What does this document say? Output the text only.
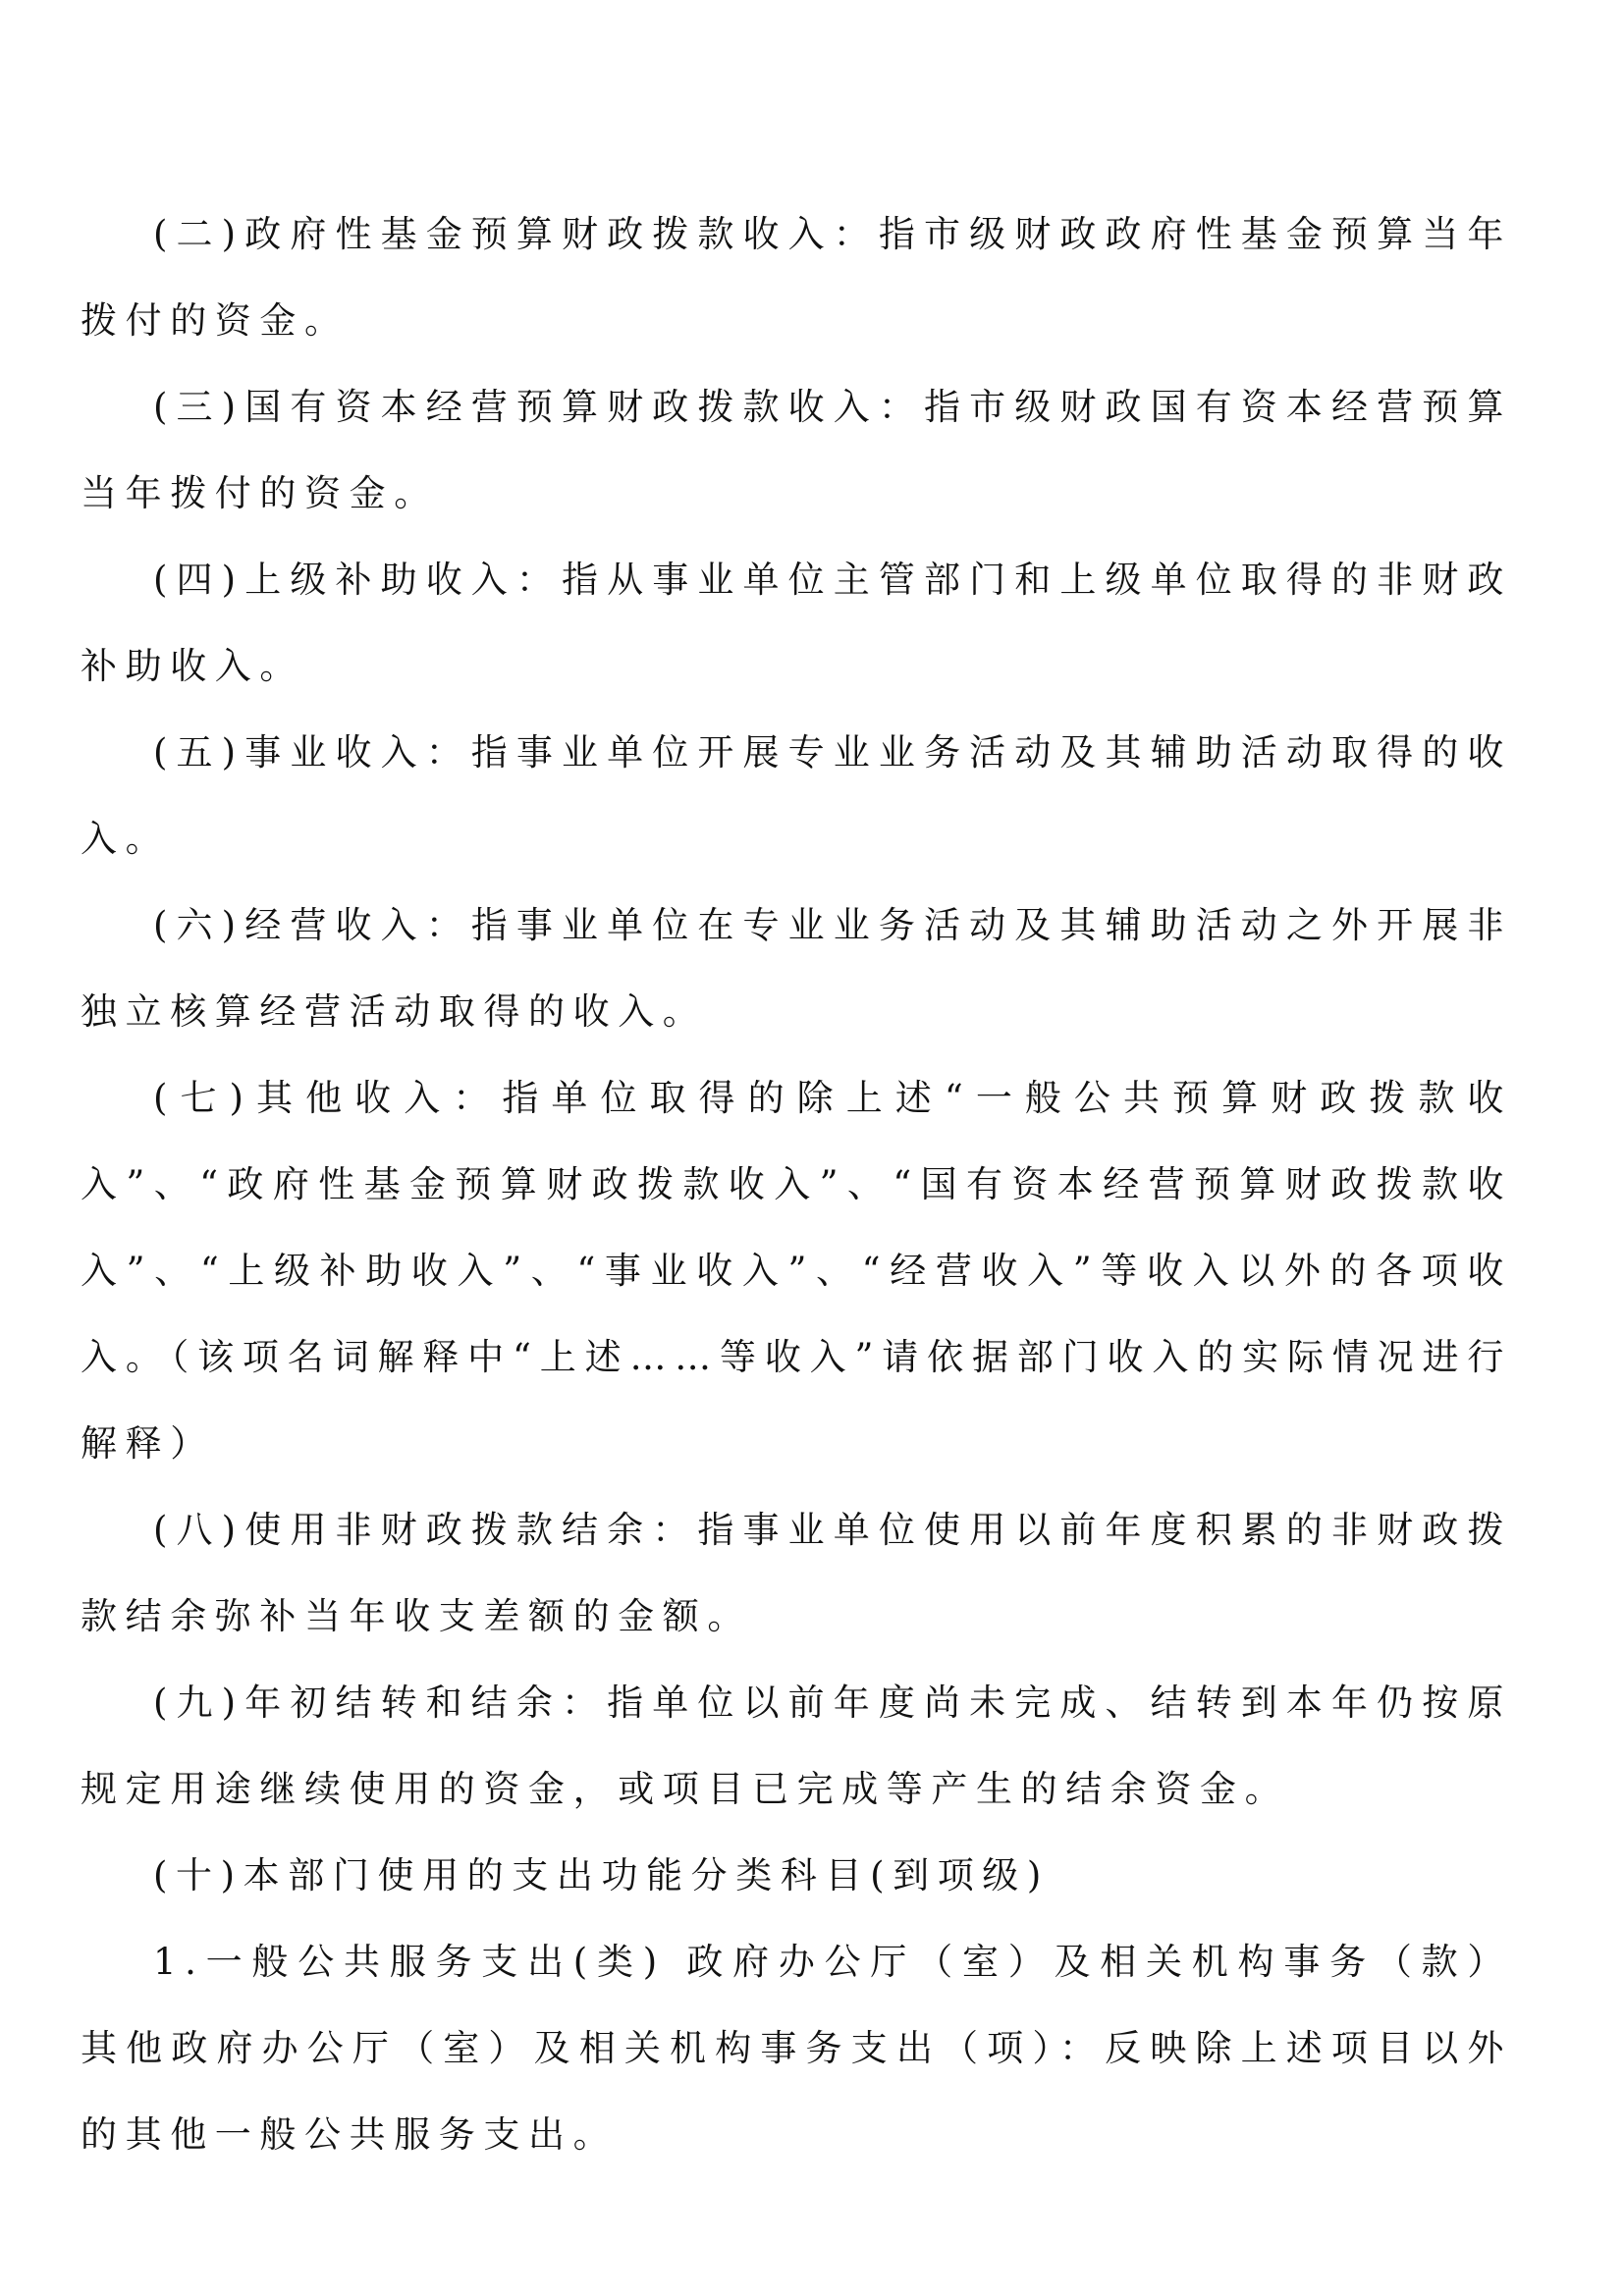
(二)政府性基金预算财政拨款收入：指市级财政政府性基金预算当年拨付的资金。

(三)国有资本经营预算财政拨款收入：指市级财政国有资本经营预算当年拨付的资金。

(四)上级补助收入：指从事业单位主管部门和上级单位取得的非财政补助收入。

(五)事业收入：指事业单位开展专业业务活动及其辅助活动取得的收入。

(六)经营收入：指事业单位在专业业务活动及其辅助活动之外开展非独立核算经营活动取得的收入。

(七)其他收入：指单位取得的除上述“一般公共预算财政拨款收入”、“政府性基金预算财政拨款收入”、“国有资本经营预算财政拨款收入”、“上级补助收入”、“事业收入”、“经营收入”等收入以外的各项收入。（该项名词解释中“上述……等收入”请依据部门收入的实际情况进行解释）

(八)使用非财政拨款结余：指事业单位使用以前年度积累的非财政拨款结余弥补当年收支差额的金额。

(九)年初结转和结余：指单位以前年度尚未完成、结转到本年仍按原规定用途继续使用的资金，或项目已完成等产生的结余资金。

(十)本部门使用的支出功能分类科目(到项级)

1.一般公共服务支出(类) 政府办公厅（室）及相关机构事务（款）其他政府办公厅（室）及相关机构事务支出（项）：反映除上述项目以外的其他一般公共服务支出。
